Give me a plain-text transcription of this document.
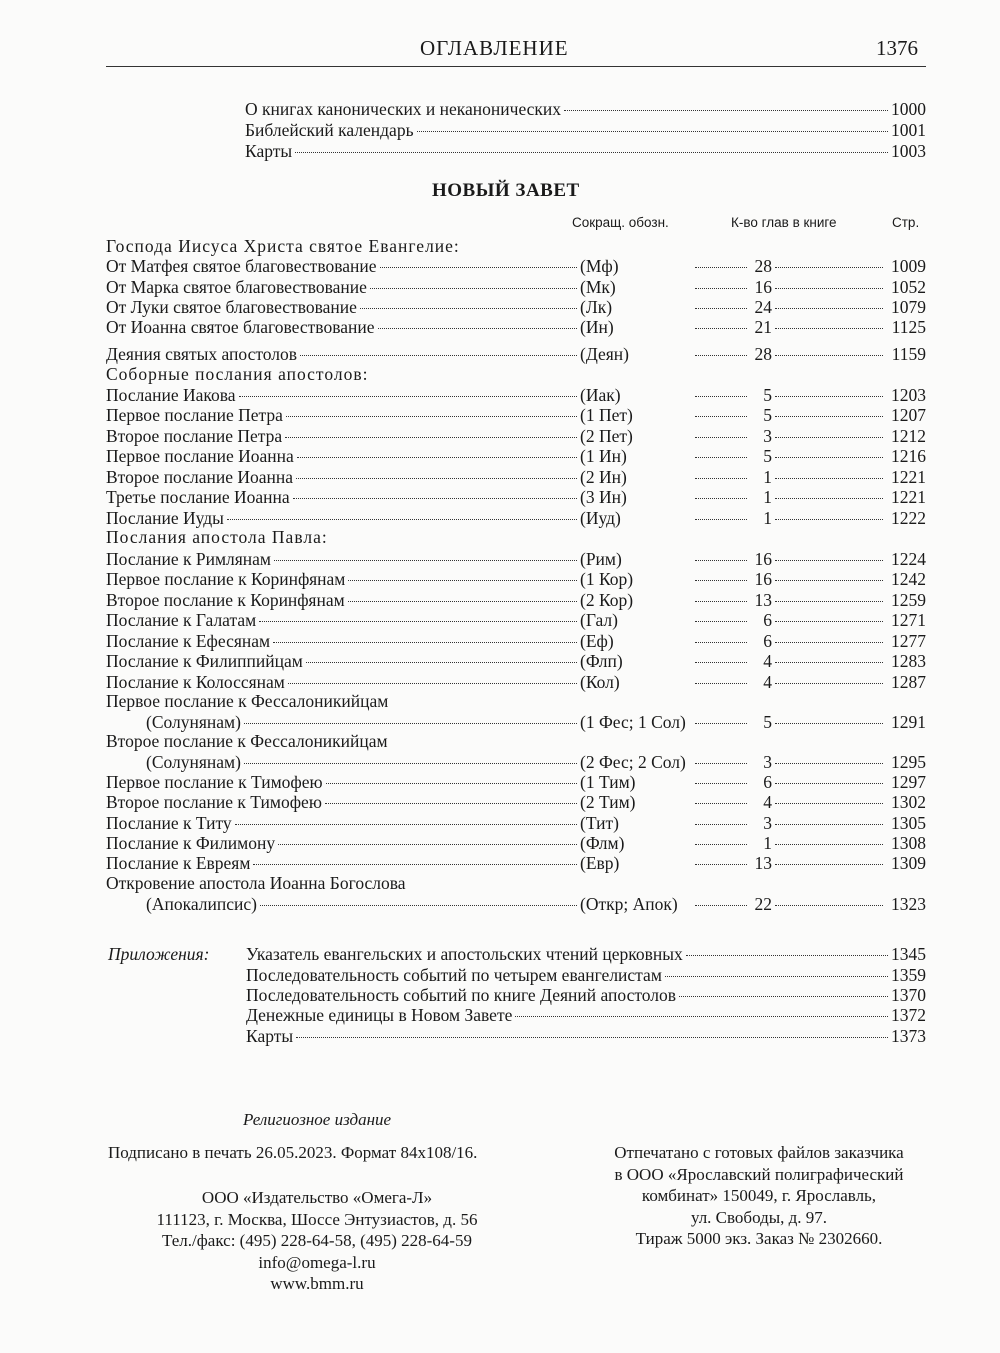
ОГЛАВЛЕНИЕ	1376
О книгах канонических и неканонических	1000
Библейский календарь	1001
Карты	1003
НОВЫЙ ЗАВЕТ
Сокращ. обозн.	К-во глав в книге	Стр.
Господа Иисуса Христа святое Евангелие:
Соборные послания апостолов:
Послания апостола Павла:
От Матфея святое благовествование	(Мф)	28	1009
От Марка святое благовествование	(Мк)	16	1052
От Луки святое благовествование	(Лк)	24	1079
От Иоанна святое благовествование	(Ин)	21	1125
Деяния святых апостолов	(Деян)	28	1159
Послание Иакова	(Иак)	5	1203
Первое послание Петра	(1 Пет)	5	1207
Второе послание Петра	(2 Пет)	3	1212
Первое послание Иоанна	(1 Ин)	5	1216
Второе послание Иоанна	(2 Ин)	1	1221
Третье послание Иоанна	(3 Ин)	1	1221
Послание Иуды	(Иуд)	1	1222
Послание к Римлянам	(Рим)	16	1224
Первое послание к Коринфянам	(1 Кор)	16	1242
Второе послание к Коринфянам	(2 Кор)	13	1259
Послание к Галатам	(Гал)	6	1271
Послание к Ефесянам	(Еф)	6	1277
Послание к Филиппийцам	(Флп)	4	1283
Послание к Колоссянам	(Кол)	4	1287
Первое послание к Фессалоникийцам
(Солунянам)	(1 Фес; 1 Сол)	5	1291
Второе послание к Фессалоникийцам
(Солунянам)	(2 Фес; 2 Сол)	3	1295
Первое послание к Тимофею	(1 Тим)	6	1297
Второе послание к Тимофею	(2 Тим)	4	1302
Послание к Титу	(Тит)	3	1305
Послание к Филимону	(Флм)	1	1308
Послание к Евреям	(Евр)	13	1309
Откровение апостола Иоанна Богослова
(Апокалипсис)	(Откр; Апок)	22	1323
Приложения: Указатель евангельских и апостольских чтений церковных	1345
Последовательность событий по четырем евангелистам	1359
Последовательность событий по книге Деяний апостолов	1370
Денежные единицы в Новом Завете	1372
Карты	1373
Религиозное издание
Подписано в печать 26.05.2023. Формат 84x108/16.
ООО «Издательство «Омега-Л»
111123, г. Москва, Шоссе Энтузиастов, д. 56
Тел./факс: (495) 228-64-58, (495) 228-64-59
info@omega-l.ru
www.bmm.ru
Отпечатано с готовых файлов заказчика
в ООО «Ярославский полиграфический
комбинат» 150049, г. Ярославль,
ул. Свободы, д. 97.
Тираж 5000 экз. Заказ № 2302660.
